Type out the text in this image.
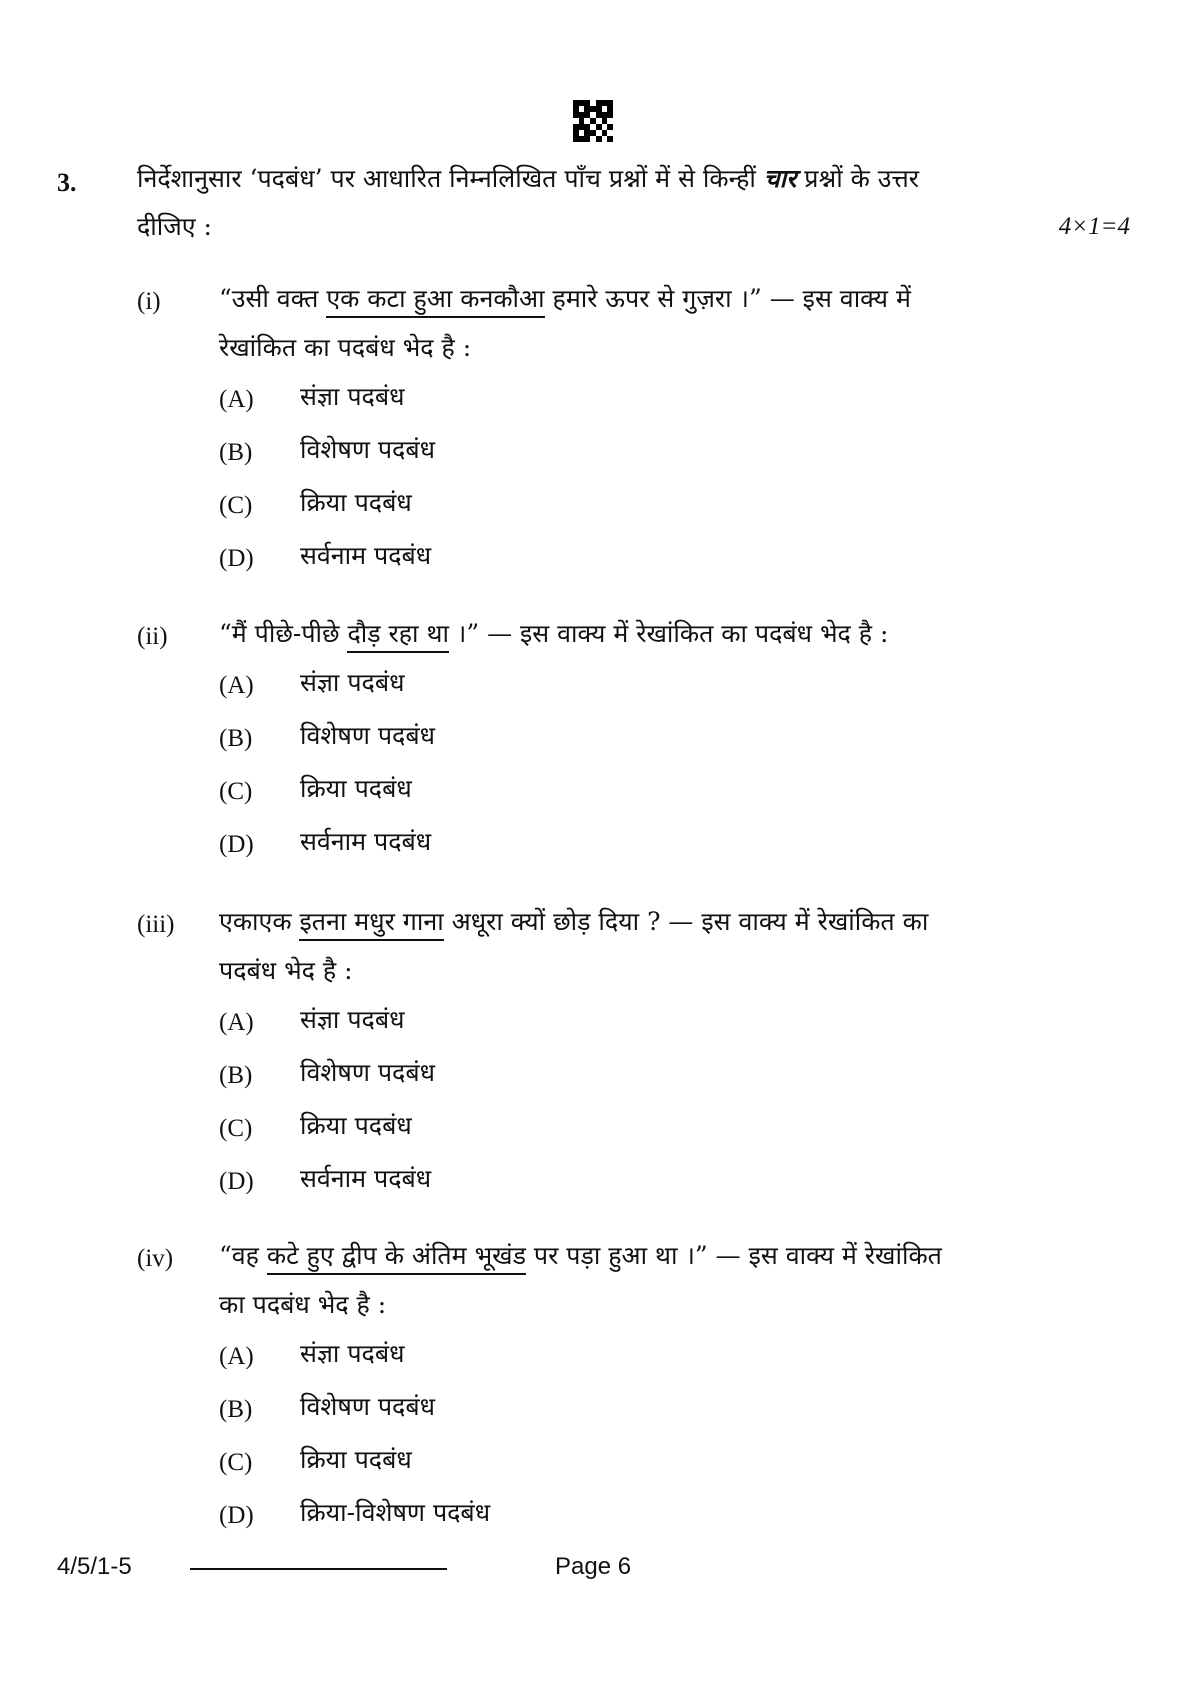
3. निर्देशानुसार ‘पदबंध’ पर आधारित निम्नलिखित पाँच प्रश्नों में से किन्हीं चार प्रश्नों के उत्तर
दीजिए :	4×1=4
(i) “उसी वक्त एक कटा हुआ कनकौआ हमारे ऊपर से गुज़रा ।” — इस वाक्य में
रेखांकित का पदबंध भेद है :
(A) संज्ञा पदबंध
(B) विशेषण पदबंध
(C) क्रिया पदबंध
(D) सर्वनाम पदबंध
(ii) “मैं पीछे-पीछे दौड़ रहा था ।” — इस वाक्य में रेखांकित का पदबंध भेद है :
(A) संज्ञा पदबंध
(B) विशेषण पदबंध
(C) क्रिया पदबंध
(D) सर्वनाम पदबंध
(iii) एकाएक इतना मधुर गाना अधूरा क्यों छोड़ दिया ? — इस वाक्य में रेखांकित का
पदबंध भेद है :
(A) संज्ञा पदबंध
(B) विशेषण पदबंध
(C) क्रिया पदबंध
(D) सर्वनाम पदबंध
(iv) “वह कटे हुए द्वीप के अंतिम भूखंड पर पड़ा हुआ था ।” — इस वाक्य में रेखांकित
का पदबंध भेद है :
(A) संज्ञा पदबंध
(B) विशेषण पदबंध
(C) क्रिया पदबंध
(D) क्रिया-विशेषण पदबंध
4/5/1-5	Page 6
